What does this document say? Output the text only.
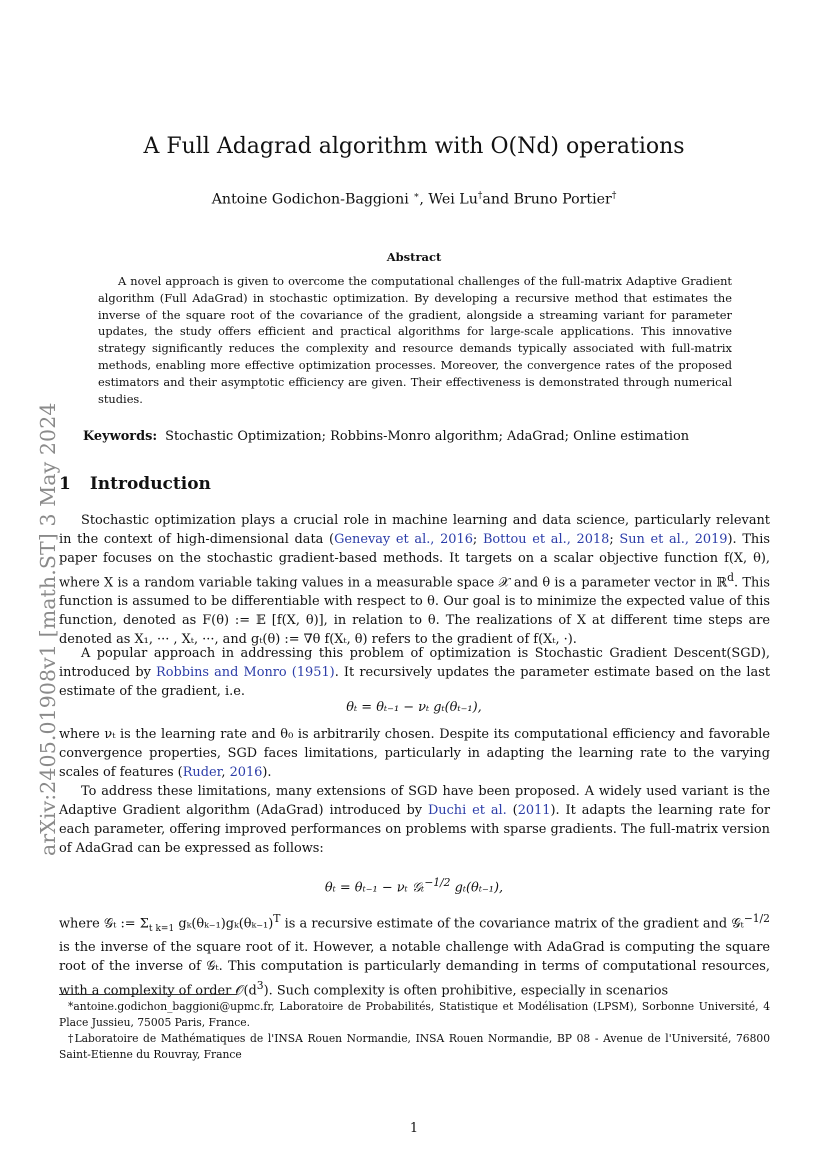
arXiv:2405.01908v1 [math.ST] 3 May 2024
A Full Adagrad algorithm with O(Nd) operations
Antoine Godichon-Baggioni ∗, Wei Lu†and Bruno Portier†
Abstract
A novel approach is given to overcome the computational challenges of the full-matrix Adaptive Gradient algorithm (Full AdaGrad) in stochastic optimization. By developing a recursive method that estimates the inverse of the square root of the covariance of the gradient, alongside a streaming variant for parameter updates, the study offers efficient and practical algorithms for large-scale applications. This innovative strategy significantly reduces the complexity and resource demands typically associated with full-matrix methods, enabling more effective optimization processes. Moreover, the convergence rates of the proposed estimators and their asymptotic efficiency are given. Their effectiveness is demonstrated through numerical studies.
Keywords: Stochastic Optimization; Robbins-Monro algorithm; AdaGrad; Online estimation
1 Introduction
Stochastic optimization plays a crucial role in machine learning and data science, particularly relevant in the context of high-dimensional data (Genevay et al., 2016; Bottou et al., 2018; Sun et al., 2019). This paper focuses on the stochastic gradient-based methods. It targets on a scalar objective function f(X, θ), where X is a random variable taking values in a measurable space 𝒳 and θ is a parameter vector in ℝ$^d$. This function is assumed to be differentiable with respect to θ. Our goal is to minimize the expected value of this function, denoted as F(θ) := 𝔼 [f(X, θ)], in relation to θ. The realizations of X at different time steps are denoted as X₁, ··· , Xₜ, ···, and gₜ(θ) := ∇θ f(Xₜ, θ) refers to the gradient of f(Xₜ, ·).
A popular approach in addressing this problem of optimization is Stochastic Gradient Descent(SGD), introduced by Robbins and Monro (1951). It recursively updates the parameter estimate based on the last estimate of the gradient, i.e.
θₜ = θₜ₋₁ − νₜ gₜ(θₜ₋₁),
where νₜ is the learning rate and θ₀ is arbitrarily chosen. Despite its computational efficiency and favorable convergence properties, SGD faces limitations, particularly in adapting the learning rate to the varying scales of features (Ruder, 2016).
To address these limitations, many extensions of SGD have been proposed. A widely used variant is the Adaptive Gradient algorithm (AdaGrad) introduced by Duchi et al. (2011). It adapts the learning rate for each parameter, offering improved performances on problems with sparse gradients. The full-matrix version of AdaGrad can be expressed as follows:
θₜ = θₜ₋₁ − νₜ 𝒢ₜ$^{-1/2}$ gₜ(θₜ₋₁),
where 𝒢ₜ := $\Sigma_{t k=1}$ $g_k(\theta_{k-1})g_k(\theta_{k-1})^T$ is a recursive estimate of the covariance matrix of the gradient and 𝒢ₜ$^{-1/2}$ is the inverse of the square root of it. However, a notable challenge with AdaGrad is computing the square root of the inverse of 𝒢ₜ. This computation is particularly demanding in terms of computational resources, with a complexity of order $𝒪(d^3)$. Such complexity is often prohibitive, especially in scenarios
*antoine.godichon_baggioni@upmc.fr, Laboratoire de Probabilités, Statistique et Modélisation (LPSM), Sorbonne Université, 4 Place Jussieu, 75005 Paris, France.
†Laboratoire de Mathématiques de l'INSA Rouen Normandie, INSA Rouen Normandie, BP 08 - Avenue de l'Université, 76800 Saint-Etienne du Rouvray, France
1
